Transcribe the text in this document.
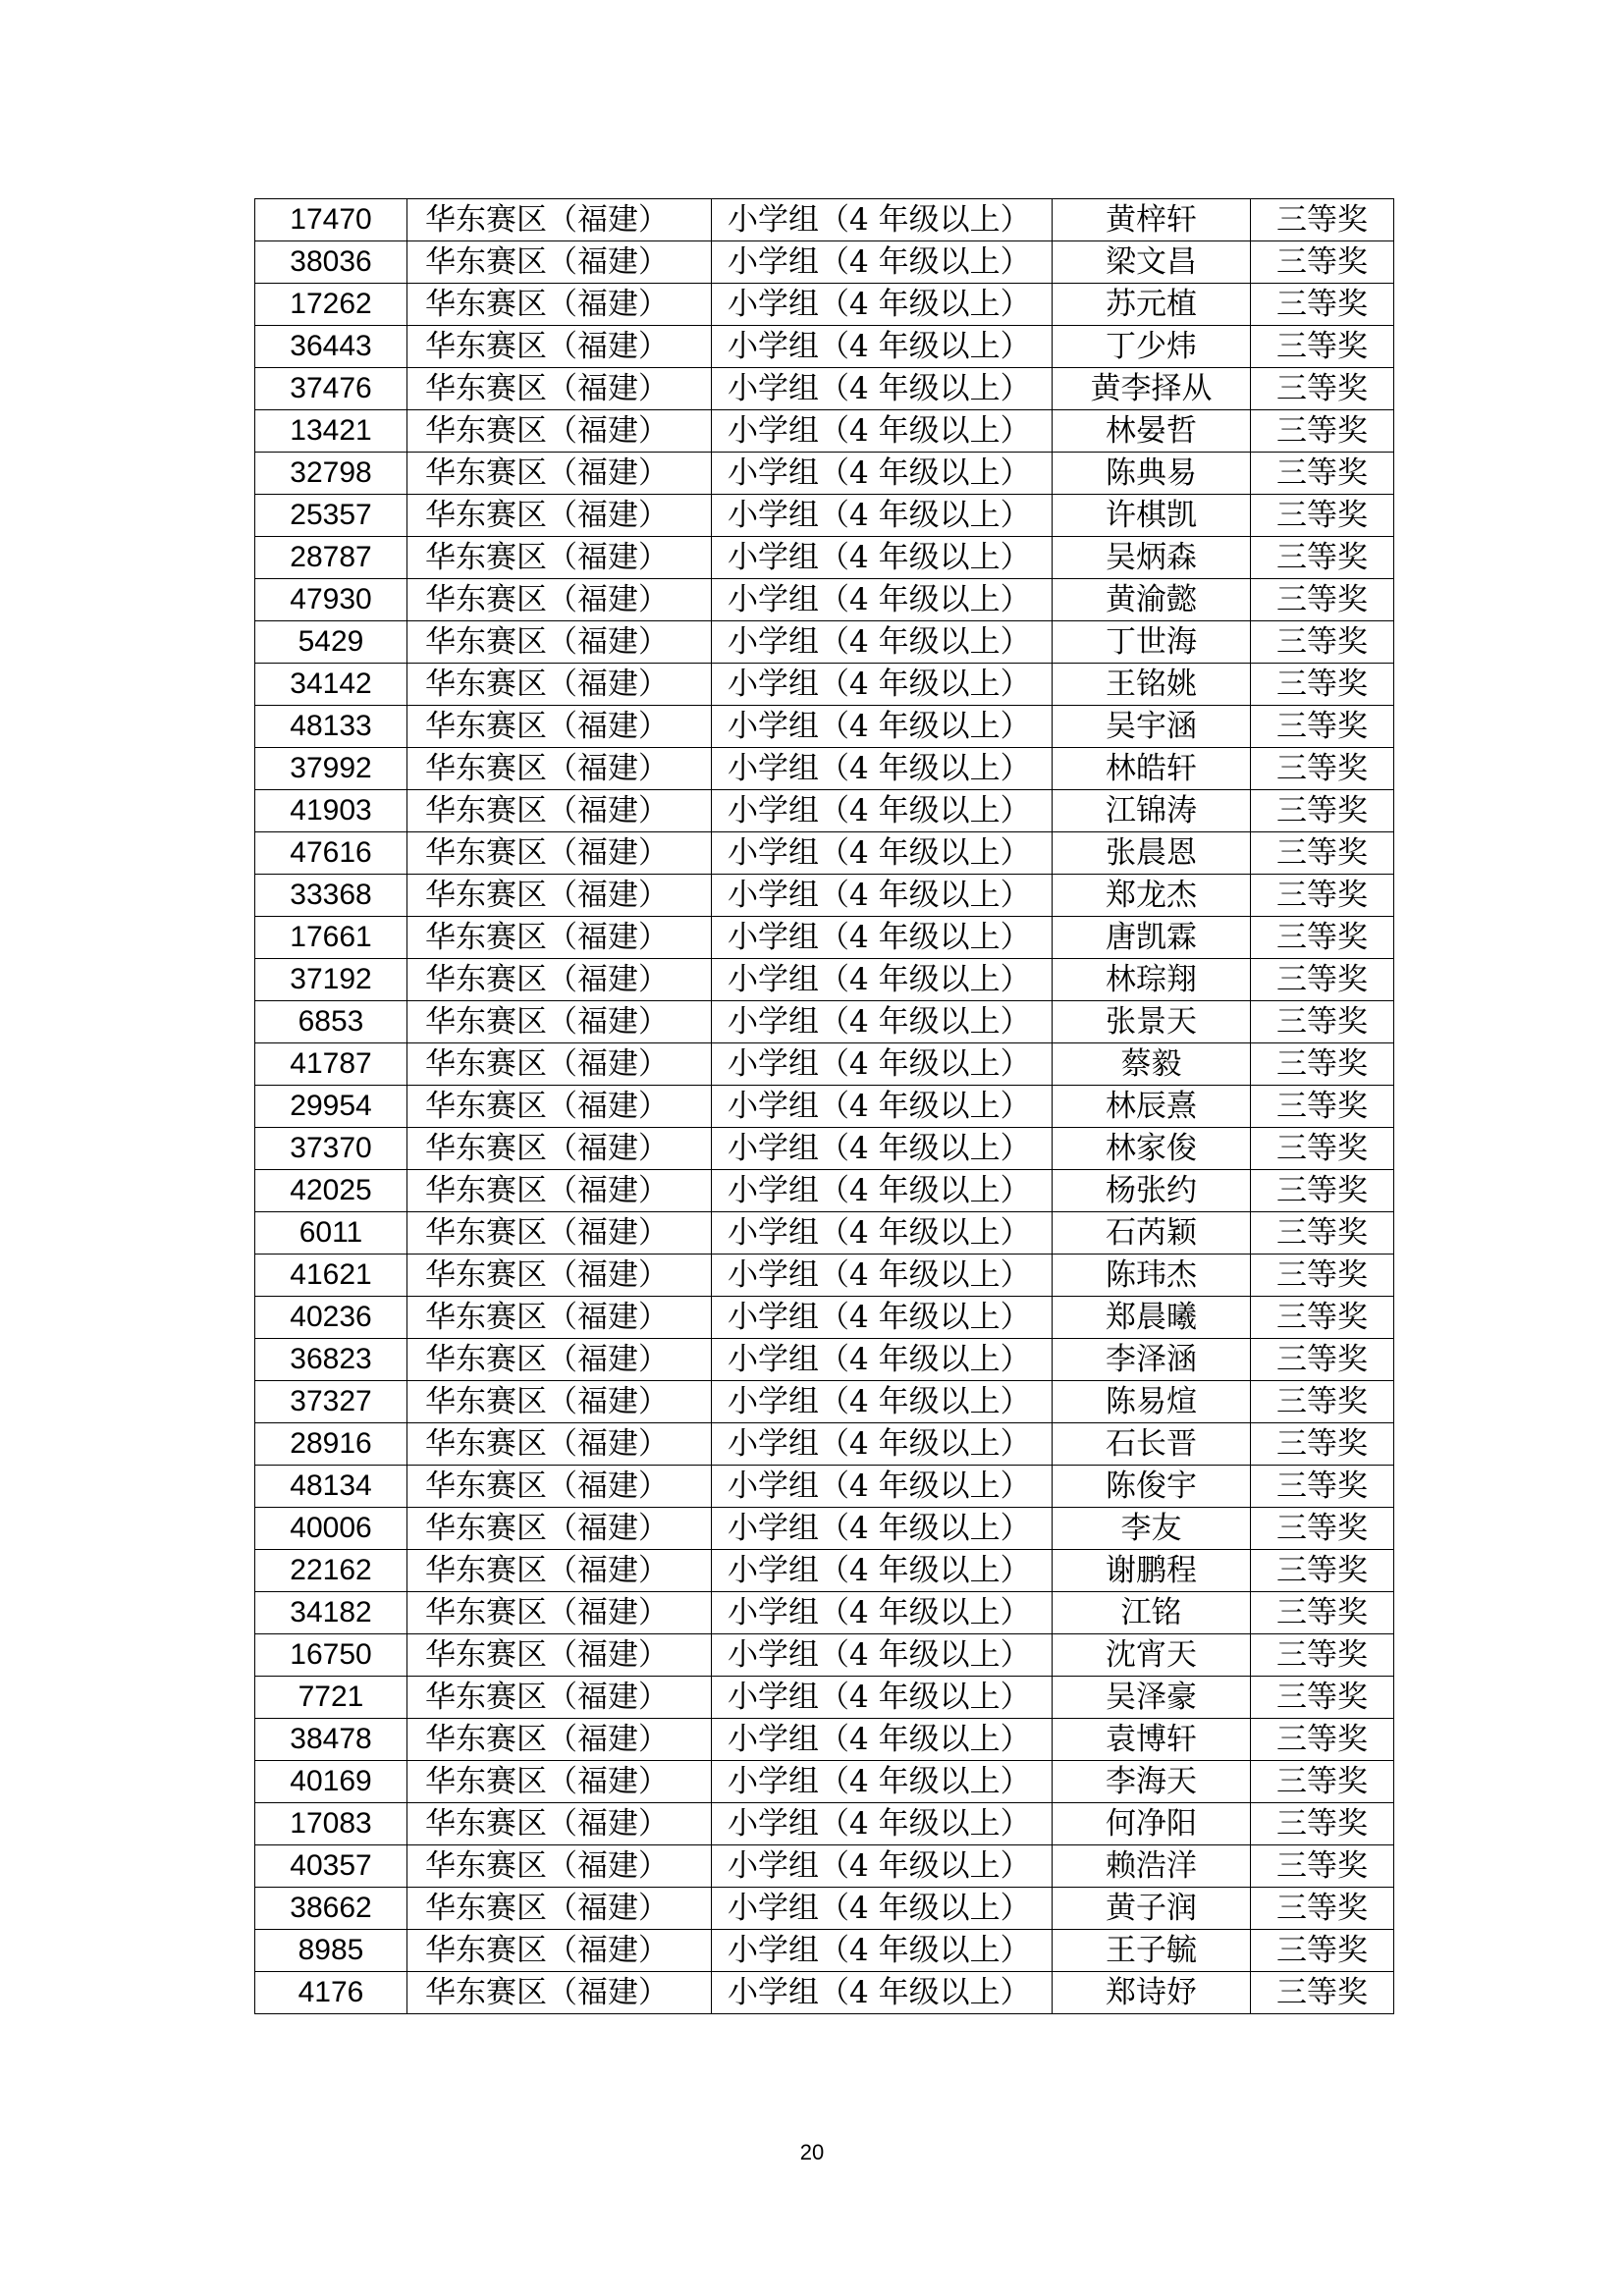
17470	华东赛区（福建）	小学组（4 年级以上）	黄梓轩	三等奖
38036	华东赛区（福建）	小学组（4 年级以上）	梁文昌	三等奖
17262	华东赛区（福建）	小学组（4 年级以上）	苏元植	三等奖
36443	华东赛区（福建）	小学组（4 年级以上）	丁少炜	三等奖
37476	华东赛区（福建）	小学组（4 年级以上）	黄李择从	三等奖
13421	华东赛区（福建）	小学组（4 年级以上）	林晏哲	三等奖
32798	华东赛区（福建）	小学组（4 年级以上）	陈典易	三等奖
25357	华东赛区（福建）	小学组（4 年级以上）	许棋凯	三等奖
28787	华东赛区（福建）	小学组（4 年级以上）	吴炳森	三等奖
47930	华东赛区（福建）	小学组（4 年级以上）	黄渝懿	三等奖
5429	华东赛区（福建）	小学组（4 年级以上）	丁世海	三等奖
34142	华东赛区（福建）	小学组（4 年级以上）	王铭姚	三等奖
48133	华东赛区（福建）	小学组（4 年级以上）	吴宇涵	三等奖
37992	华东赛区（福建）	小学组（4 年级以上）	林皓轩	三等奖
41903	华东赛区（福建）	小学组（4 年级以上）	江锦涛	三等奖
47616	华东赛区（福建）	小学组（4 年级以上）	张晨恩	三等奖
33368	华东赛区（福建）	小学组（4 年级以上）	郑龙杰	三等奖
17661	华东赛区（福建）	小学组（4 年级以上）	唐凯霖	三等奖
37192	华东赛区（福建）	小学组（4 年级以上）	林琮翔	三等奖
6853	华东赛区（福建）	小学组（4 年级以上）	张景天	三等奖
41787	华东赛区（福建）	小学组（4 年级以上）	蔡毅	三等奖
29954	华东赛区（福建）	小学组（4 年级以上）	林辰熹	三等奖
37370	华东赛区（福建）	小学组（4 年级以上）	林家俊	三等奖
42025	华东赛区（福建）	小学组（4 年级以上）	杨张约	三等奖
6011	华东赛区（福建）	小学组（4 年级以上）	石芮颖	三等奖
41621	华东赛区（福建）	小学组（4 年级以上）	陈玮杰	三等奖
40236	华东赛区（福建）	小学组（4 年级以上）	郑晨曦	三等奖
36823	华东赛区（福建）	小学组（4 年级以上）	李泽涵	三等奖
37327	华东赛区（福建）	小学组（4 年级以上）	陈易煊	三等奖
28916	华东赛区（福建）	小学组（4 年级以上）	石长晋	三等奖
48134	华东赛区（福建）	小学组（4 年级以上）	陈俊宇	三等奖
40006	华东赛区（福建）	小学组（4 年级以上）	李友	三等奖
22162	华东赛区（福建）	小学组（4 年级以上）	谢鹏程	三等奖
34182	华东赛区（福建）	小学组（4 年级以上）	江铭	三等奖
16750	华东赛区（福建）	小学组（4 年级以上）	沈宵天	三等奖
7721	华东赛区（福建）	小学组（4 年级以上）	吴泽豪	三等奖
38478	华东赛区（福建）	小学组（4 年级以上）	袁博轩	三等奖
40169	华东赛区（福建）	小学组（4 年级以上）	李海天	三等奖
17083	华东赛区（福建）	小学组（4 年级以上）	何净阳	三等奖
40357	华东赛区（福建）	小学组（4 年级以上）	赖浩洋	三等奖
38662	华东赛区（福建）	小学组（4 年级以上）	黄子润	三等奖
8985	华东赛区（福建）	小学组（4 年级以上）	王子毓	三等奖
4176	华东赛区（福建）	小学组（4 年级以上）	郑诗妤	三等奖
20
